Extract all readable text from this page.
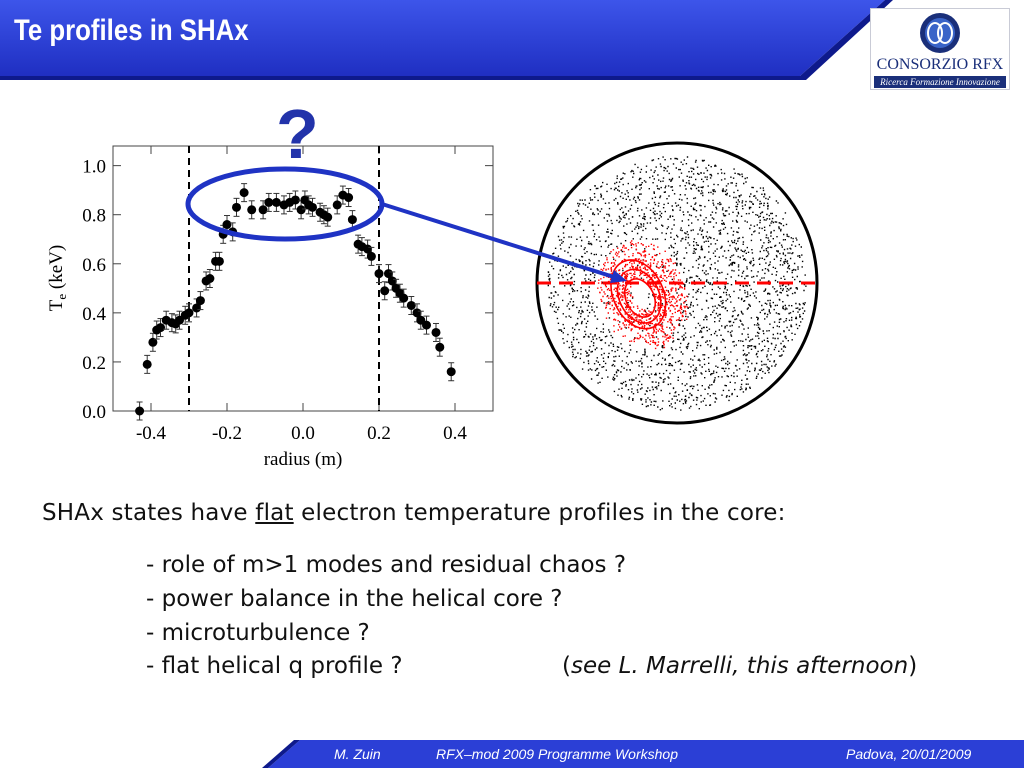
Te profiles in SHAx
CONSORZIO RFX
Ricerca Formazione Innovazione
-0.4 -0.2	0.0	0.2	0.4
0.0
0.2
0.4
0.6
0.8
1.0
radius (m)
$T_e$ (keV)
?
SHAx states have flat electron temperature profiles in the core:
- role of m>1 modes and residual chaos ?
- power balance in the helical core ?
- microturbulence ?
- flat helical q profile ?	(see L. Marrelli, this afternoon)
M. Zuin	RFX–mod 2009 Programme Workshop	Padova, 20/01/2009
